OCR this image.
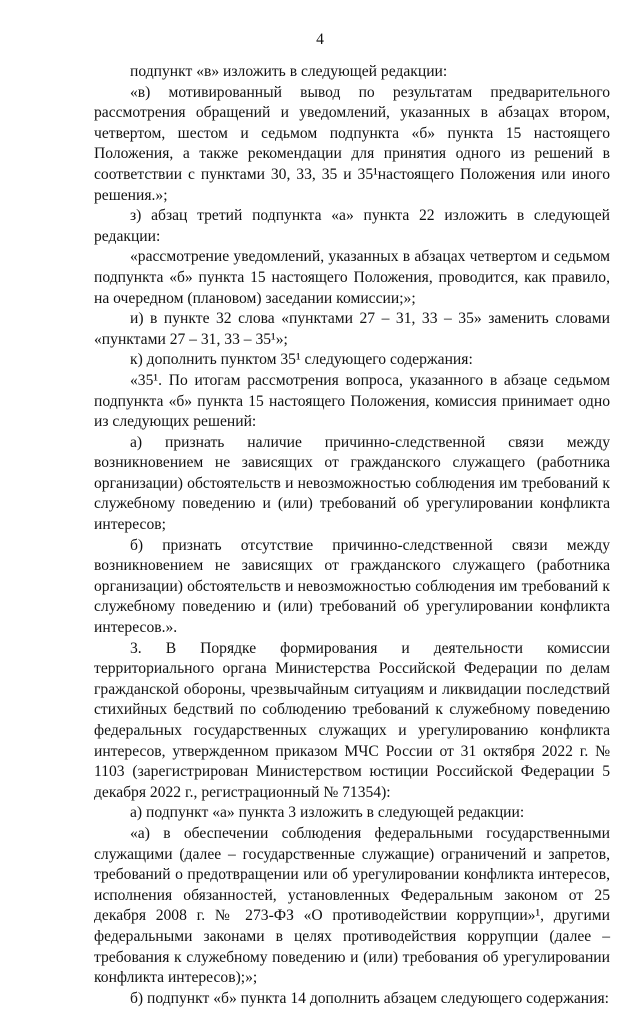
4

подпункт «в» изложить в следующей редакции:

«в) мотивированный вывод по результатам предварительного рассмотрения обращений и уведомлений, указанных в абзацах втором, четвертом, шестом и седьмом подпункта «б» пункта 15 настоящего Положения, а также рекомендации для принятия одного из решений в соответствии с пунктами 30, 33, 35 и 35¹настоящего Положения или иного решения.»;

з) абзац третий подпункта «а» пункта 22 изложить в следующей редакции:

«рассмотрение уведомлений, указанных в абзацах четвертом и седьмом подпункта «б» пункта 15 настоящего Положения, проводится, как правило, на очередном (плановом) заседании комиссии;»;

и) в пункте 32 слова «пунктами 27 – 31, 33 – 35» заменить словами «пунктами 27 – 31, 33 – 35¹»;

к) дополнить пунктом 35¹ следующего содержания:

«35¹. По итогам рассмотрения вопроса, указанного в абзаце седьмом подпункта «б» пункта 15 настоящего Положения, комиссия принимает одно из следующих решений:

а) признать наличие причинно-следственной связи между возникновением не зависящих от гражданского служащего (работника организации) обстоятельств и невозможностью соблюдения им требований к служебному поведению и (или) требований об урегулировании конфликта интересов;

б) признать отсутствие причинно-следственной связи между возникновением не зависящих от гражданского служащего (работника организации) обстоятельств и невозможностью соблюдения им требований к служебному поведению и (или) требований об урегулировании конфликта интересов.».

3. В Порядке формирования и деятельности комиссии территориального органа Министерства Российской Федерации по делам гражданской обороны, чрезвычайным ситуациям и ликвидации последствий стихийных бедствий по соблюдению требований к служебному поведению федеральных государственных служащих и урегулированию конфликта интересов, утвержденном приказом МЧС России от 31 октября 2022 г. № 1103 (зарегистрирован Министерством юстиции Российской Федерации 5 декабря 2022 г., регистрационный № 71354):

а) подпункт «а» пункта 3 изложить в следующей редакции:

«а) в обеспечении соблюдения федеральными государственными служащими (далее – государственные служащие) ограничений и запретов, требований о предотвращении или об урегулировании конфликта интересов, исполнения обязанностей, установленных Федеральным законом от 25 декабря 2008 г. № 273-ФЗ «О противодействии коррупции»¹, другими федеральными законами в целях противодействия коррупции (далее – требования к служебному поведению и (или) требования об урегулировании конфликта интересов);»;

б) подпункт «б» пункта 14 дополнить абзацем следующего содержания:
